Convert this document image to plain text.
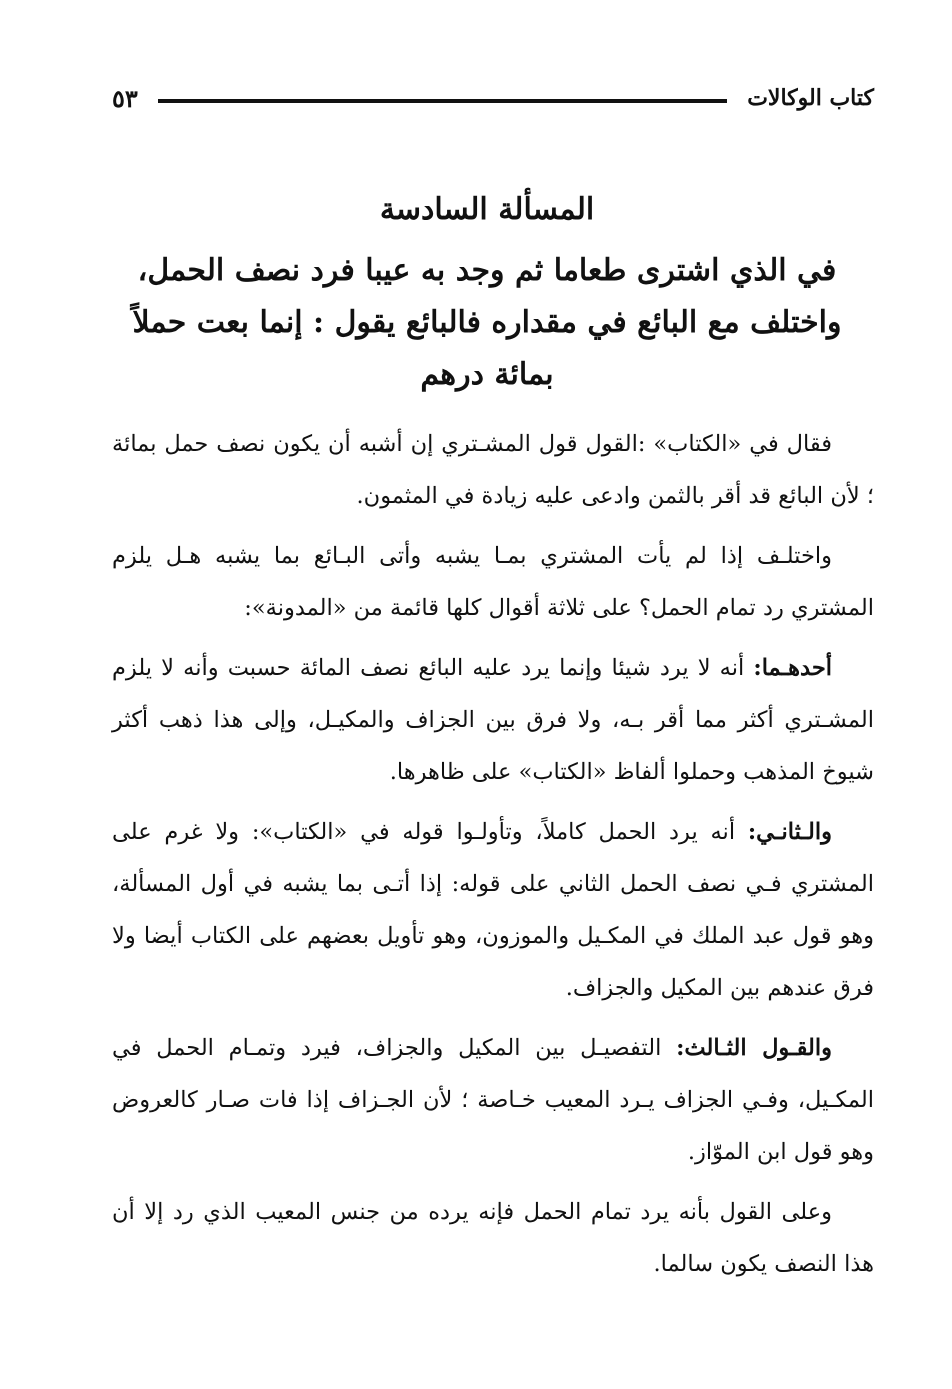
كتاب الوكالات
٥٣
المسألة السادسة

في الذي اشترى طعاما ثم وجد به عيبا فرد نصف الحمل، واختلف مع البائع في مقداره فالبائع يقول : إنما بعت حملاً بمائة درهم

فقال في «الكتاب» :القول قول المشـتري إن أشبه أن يكون نصف حمل بمائة ؛ لأن البائع قد أقر بالثمن وادعى عليه زيادة في المثمون.

واختلـف إذا لم يأت المشتري بمـا يشبه وأتى البـائع بما يشبه هـل يلزم المشتري رد تمام الحمل؟ على ثلاثة أقوال كلها قائمة من «المدونة»:

أحدهـما: أنه لا يرد شيئا وإنما يرد عليه البائع نصف المائة حسبت وأنه لا يلزم المشـتري أكثر مما أقر بـه، ولا فرق بين الجزاف والمكيـل، وإلى هذا ذهب أكثر شيوخ المذهب وحملوا ألفاظ «الكتاب» على ظاهرها.

والـثانـي: أنه يرد الحمل كاملاً، وتأولـوا قوله في «الكتاب»: ولا غرم على المشتري فـي نصف الحمل الثاني على قوله: إذا أتـى بما يشبه في أول المسألة، وهو قول عبد الملك في المكـيل والموزون، وهو تأويل بعضهم على الكتاب أيضا ولا فرق عندهم بين المكيل والجزاف.

والقـول الثـالث: التفصيـل بين المكيل والجزاف، فيرد وتمـام الحمل في المكـيل، وفـي الجزاف يـرد المعيب خـاصة ؛ لأن الجـزاف إذا فات صـار كالعروض وهو قول ابن الموّاز.

وعلى القول بأنه يرد تمام الحمل فإنه يرده من جنس المعيب الذي رد إلا أن هذا النصف يكون سالما.
